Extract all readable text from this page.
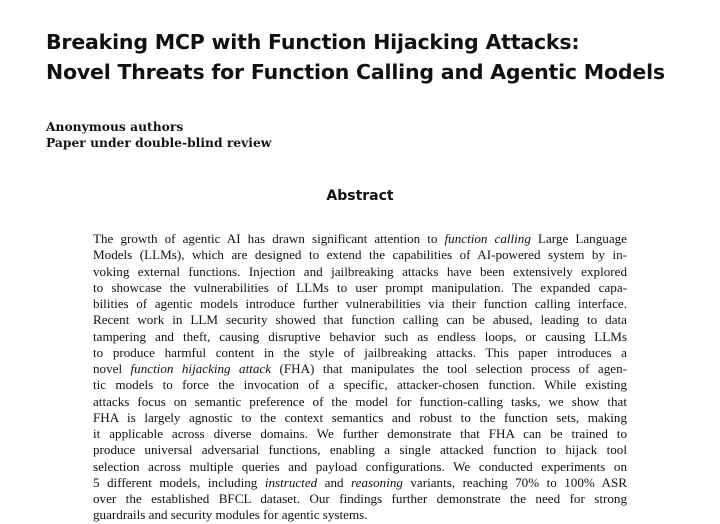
Breaking MCP with Function Hijacking Attacks:
Novel Threats for Function Calling and Agentic Models
Anonymous authors
Paper under double-blind review
Abstract

The growth of agentic AI has drawn significant attention to function calling Large Language
Models (LLMs), which are designed to extend the capabilities of AI-powered system by in-
voking external functions. Injection and jailbreaking attacks have been extensively explored
to showcase the vulnerabilities of LLMs to user prompt manipulation. The expanded capa-
bilities of agentic models introduce further vulnerabilities via their function calling interface.
Recent work in LLM security showed that function calling can be abused, leading to data
tampering and theft, causing disruptive behavior such as endless loops, or causing LLMs
to produce harmful content in the style of jailbreaking attacks. This paper introduces a
novel function hijacking attack (FHA) that manipulates the tool selection process of agen-
tic models to force the invocation of a specific, attacker-chosen function. While existing
attacks focus on semantic preference of the model for function-calling tasks, we show that
FHA is largely agnostic to the context semantics and robust to the function sets, making
it applicable across diverse domains. We further demonstrate that FHA can be trained to
produce universal adversarial functions, enabling a single attacked function to hijack tool
selection across multiple queries and payload configurations. We conducted experiments on
5 different models, including instructed and reasoning variants, reaching 70% to 100% ASR
over the established BFCL dataset. Our findings further demonstrate the need for strong
guardrails and security modules for agentic systems.
